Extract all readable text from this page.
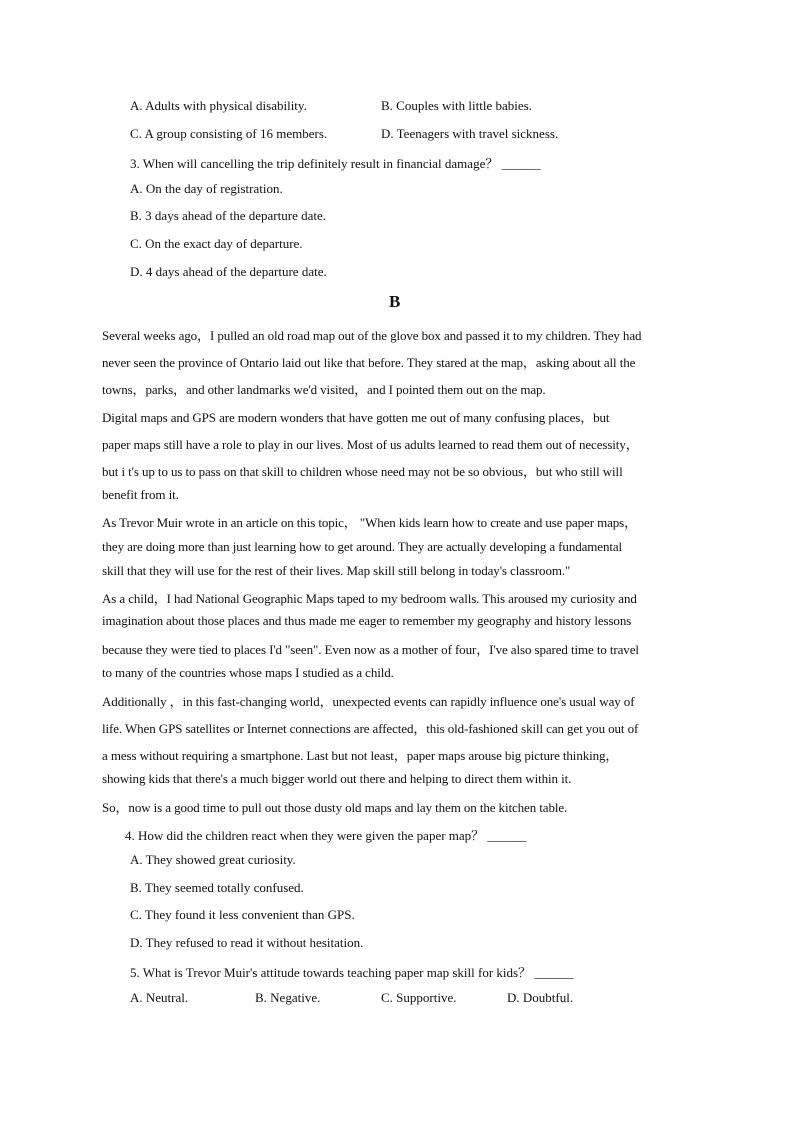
A. Adults with physical disability.	B. Couples with little babies.
C. A group consisting of 16 members.	D. Teenagers with travel sickness.
3. When will cancelling the trip definitely result in financial damage？ ______
A. On the day of registration.
B. 3 days ahead of the departure date.
C. On the exact day of departure.
D. 4 days ahead of the departure date.
B
Several weeks ago，I pulled an old road map out of the glove box and passed it to my children. They had
never seen the province of Ontario laid out like that before. They stared at the map，asking about all the
towns，parks，and other landmarks we'd visited，and I pointed them out on the map.
Digital maps and GPS are modern wonders that have gotten me out of many confusing places，but
paper maps still have a role to play in our lives. Most of us adults learned to read them out of necessity，
but i t's up to us to pass on that skill to children whose need may not be so obvious，but who still will
benefit from it.
As Trevor Muir wrote in an article on this topic， "When kids learn how to create and use paper maps，
they are doing more than just learning how to get around. They are actually developing a fundamental
skill that they will use for the rest of their lives. Map skill still belong in today's classroom."
As a child，I had National Geographic Maps taped to my bedroom walls. This aroused my curiosity and
imagination about those places and thus made me eager to remember my geography and history lessons
because they were tied to places I'd "seen". Even now as a mother of four，I've also spared time to travel
to many of the countries whose maps I studied as a child.
Additionally ，in this fast-changing world，unexpected events can rapidly influence one's usual way of
life. When GPS satellites or Internet connections are affected，this old-fashioned skill can get you out of
a mess without requiring a smartphone. Last but not least，paper maps arouse big picture thinking，
showing kids that there's a much bigger world out there and helping to direct them within it.
So，now is a good time to pull out those dusty old maps and lay them on the kitchen table.
4. How did the children react when they were given the paper map？ ______
A. They showed great curiosity.
B. They seemed totally confused.
C. They found it less convenient than GPS.
D. They refused to read it without hesitation.
5. What is Trevor Muir's attitude towards teaching paper map skill for kids？ ______
A. Neutral.	B. Negative.	C. Supportive.	D. Doubtful.
